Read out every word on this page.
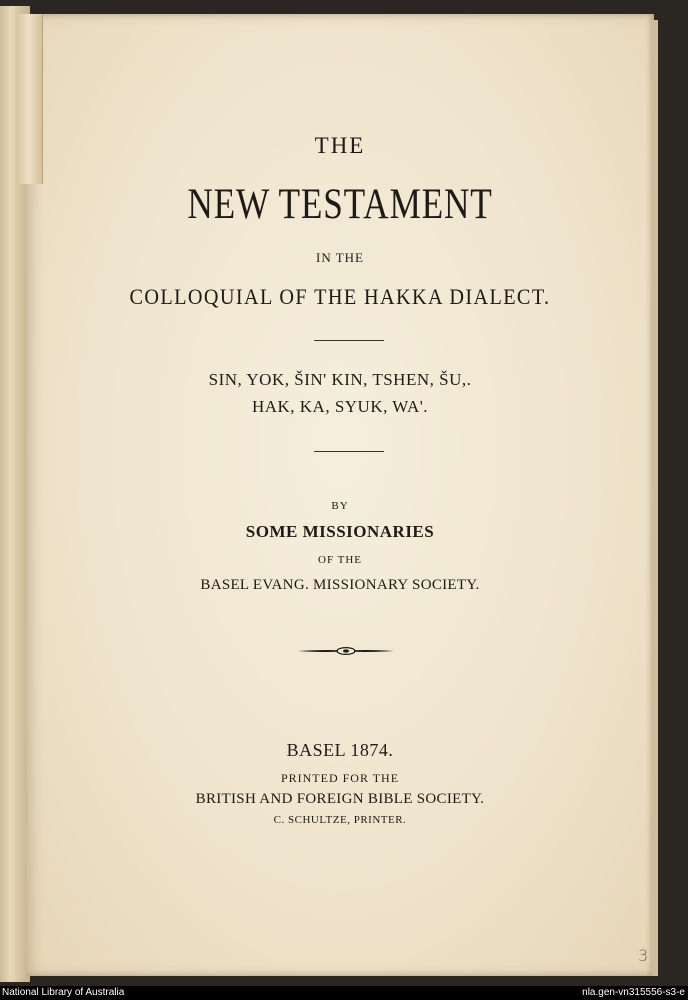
THE
NEW TESTAMENT
IN THE
COLLOQUIAL OF THE HAKKA DIALECT.
SIN, YOK, ŠIN' KIN, TSHEN, ŠU,.
HAK, KA, SYUK, WA'.
BY
SOME MISSIONARIES
OF THE
BASEL EVANG. MISSIONARY SOCIETY.
BASEL 1874.
PRINTED FOR THE
BRITISH AND FOREIGN BIBLE SOCIETY.
C. SCHULTZE, PRINTER.
3
National Library of Australia	nla.gen-vn315556-s3-e
